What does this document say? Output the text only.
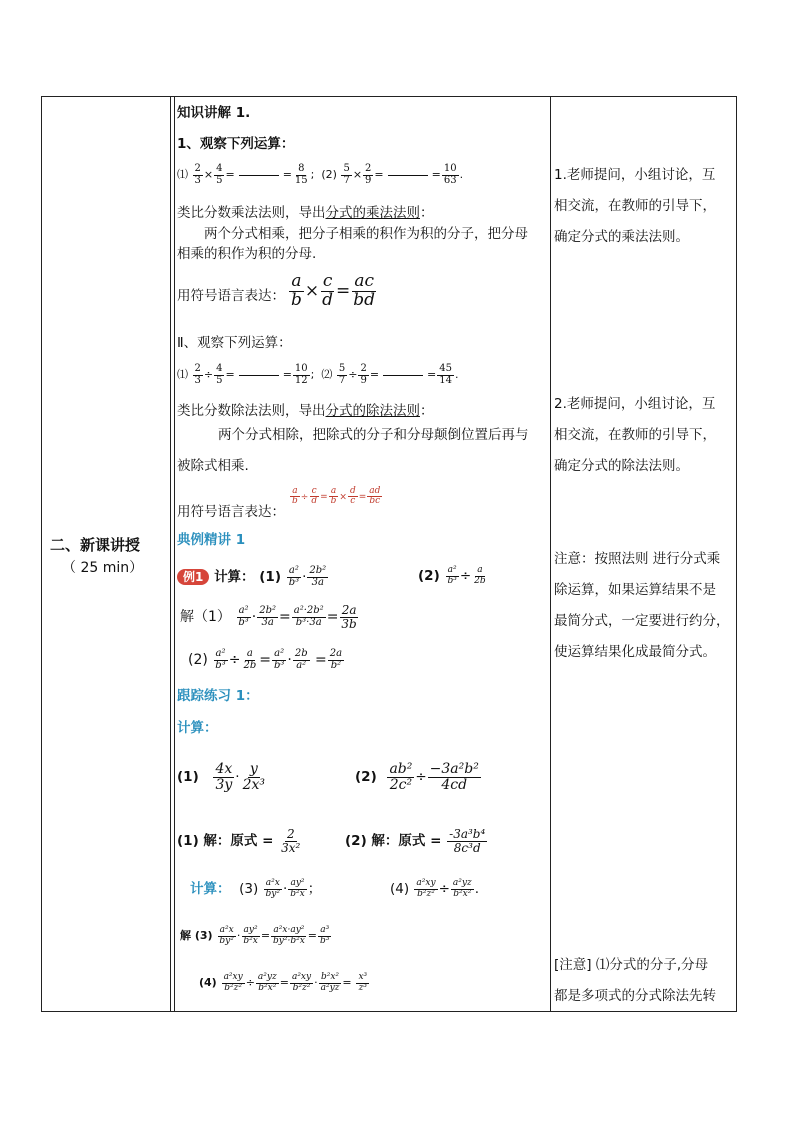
二、新课讲授
（ 25 min）
知识讲解 1.
1、观察下列运算：
⑴ $\frac{2}{3} \times \frac{4}{5}$ =	= $\frac{8}{15}$ ;  $(2) \frac{5}{7} \times \frac{2}{9}$ =	= $\frac{10}{63}$ .
类比分数乘法法则，导出分式的乘法法则：
两个分式相乘，把分子相乘的积作为积的分子，把分母
相乘的积作为积的分母.
用符号语言表达： $\frac{a}{b} \times \frac{c}{d} = \frac{ac}{bd}$
Ⅱ、观察下列运算：
⑴ $\frac{2}{3} \div \frac{4}{5}$ =	= $\frac{10}{12}$ ;  ⑵ $\frac{5}{7} \div \frac{2}{9}$ =	= $\frac{45}{14}$ .
类比分数除法法则，导出分式的除法法则：
两个分式相除，把除式的分子和分母颠倒位置后再与
被除式相乘.
用符号语言表达：
$\frac{a}{b} \div \frac{c}{d} = \frac{a}{b} \times \frac{d}{c} = \frac{ad}{bc}$
典例精讲 1
例1 计算： $(1) \frac{\text{a²}}{\text{b³}} \cdot \frac{\text{2b²}}{3a}$	$(2) \frac{\text{a²}}{\text{b³}} \div \frac{a}{2b}$
解$(1) \frac{\text{a²}}{\text{b³}} \cdot \frac{\text{2b²}}{3a} = \frac{\text{a²·2b²}}{\text{b³·3a}} = \frac{2a}{3b}$
$(2) \frac{\text{a²}}{\text{b³}} \div \frac{a}{2b} = \frac{\text{a²}}{\text{b³}} \cdot \frac{2b}{\text{a²}} = \frac{2a}{\text{b²}}$
跟踪练习 1：
计算：
$(1) \frac{4x}{3y} \cdot \frac{y}{\text{2x³}}$	$(2) \frac{\text{ab²}}{\text{2c²}} \div \frac{\text{−3a²b²}}{4cd}$
(1) 解：原式 = $\frac{2}{\text{3x²}}$	(2) 解：原式 = $\frac{\text{-3a³b⁴}}{\text{8c³d}}$
计算： $(3) \frac{\text{a²x}}{\text{by²}} \cdot \frac{\text{ay²}}{\text{b²x}}$ ；	$(4) \frac{\text{a²xy}}{\text{b²z²}} \div \frac{\text{a²yz}}{\text{b²x²}}$ .
解 $(3) \frac{\text{a²x}}{\text{by²}} \cdot \frac{\text{ay²}}{\text{b²x}} = \frac{\text{a²x·ay²}}{\text{by²·b²x}} = \frac{\text{a³}}{\text{b³}}$
$(4) \frac{\text{a²xy}}{\text{b²z²}} \div \frac{\text{a²yz}}{\text{b²x²}} = \frac{\text{a²xy}}{\text{b²z²}} \cdot \frac{\text{b²x²}}{\text{a²yz}} = \frac{\text{x³}}{\text{z³}}$
1.老师提问，小组讨论，互
相交流，在教师的引导下，
确定分式的乘法法则。
2.老师提问，小组讨论，互
相交流，在教师的引导下，
确定分式的除法法则。
注意：按照法则 进行分式乘
除运算，如果运算结果不是
最简分式，一定要进行约分，
使运算结果化成最简分式。
[注意] ⑴分式的分子,分母
都是多项式的分式除法先转
